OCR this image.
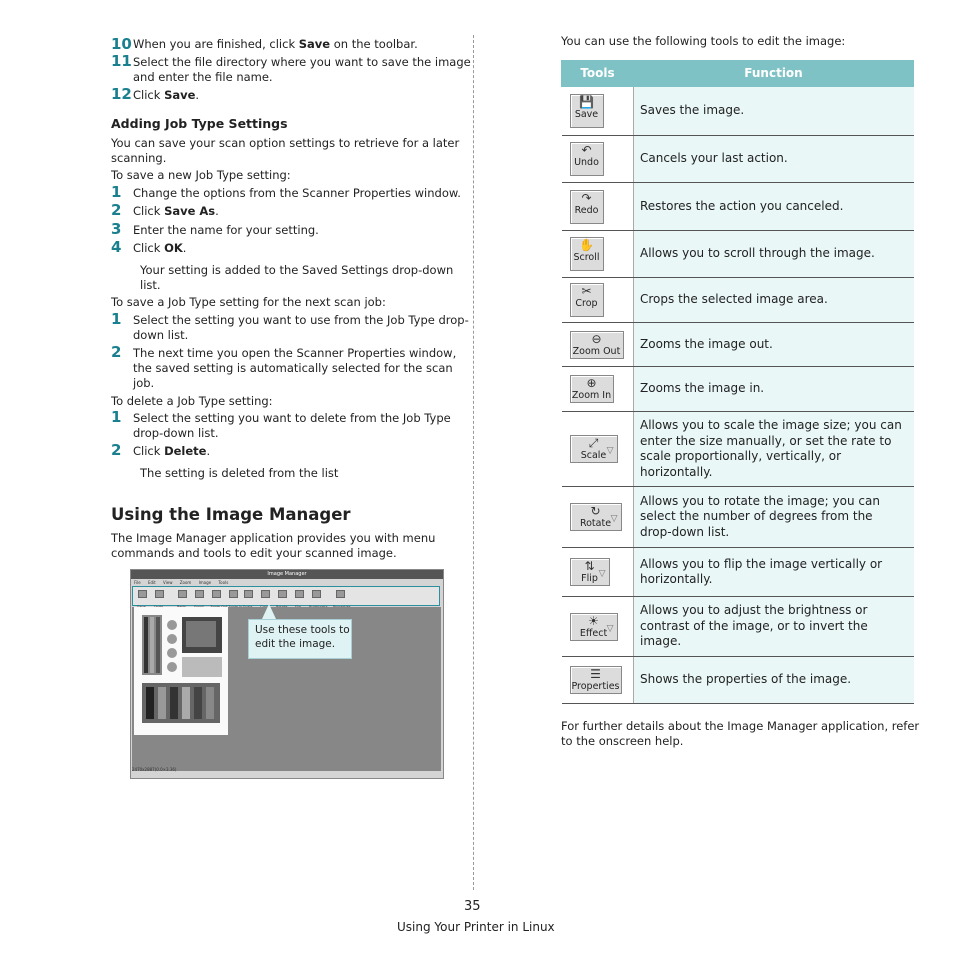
10 When you are finished, click Save on the toolbar.
11 Select the file directory where you want to save the image
and enter the file name.
12 Click Save.
Adding Job Type Settings
You can save your scan option settings to retrieve for a later
scanning.
To save a new Job Type setting:
1 Change the options from the Scanner Properties window.
2 Click Save As.
3 Enter the name for your setting.
4 Click OK.
Your setting is added to the Saved Settings drop-down
list.
To save a Job Type setting for the next scan job:
1 Select the setting you want to use from the Job Type drop-
down list.
2 The next time you open the Scanner Properties window,
the saved setting is automatically selected for the scan
job.
To delete a Job Type setting:
1 Select the setting you want to delete from the Job Type
drop-down list.
2 Click Delete.
The setting is deleted from the list
Using the Image Manager
The Image Manager application provides you with menu
commands and tools to edit your scanned image.
Image Manager
File Edit View Zoom Image Tools
2470x2887(0.0×3.36)
Use these tools to
edit the image.
You can use the following tools to edit the image:
Tools	Function

💾
Save	Saves the image.

↶
Undo	Cancels your last action.

↷
Redo	Restores the action you canceled.

✋
Scroll	Allows you to scroll through the image.

✂
Crop	Crops the selected image area.

⊖
Zoom Out	Zooms the image out.

⊕
Zoom In	Zooms the image in.

⤢
Scale ▽	Allows you to scale the image size; you can enter the size manually, or set the rate to scale proportionally, vertically, or horizontally.

↻
Rotate ▽	Allows you to rotate the image; you can select the number of degrees from the drop-down list.

⇅
Flip ▽	Allows you to flip the image vertically or horizontally.

☀
Effect ▽	Allows you to adjust the brightness or contrast of the image, or to invert the image.

☰
Properties	Shows the properties of the image.
For further details about the Image Manager application, refer
to the onscreen help.
35
Using Your Printer in Linux
